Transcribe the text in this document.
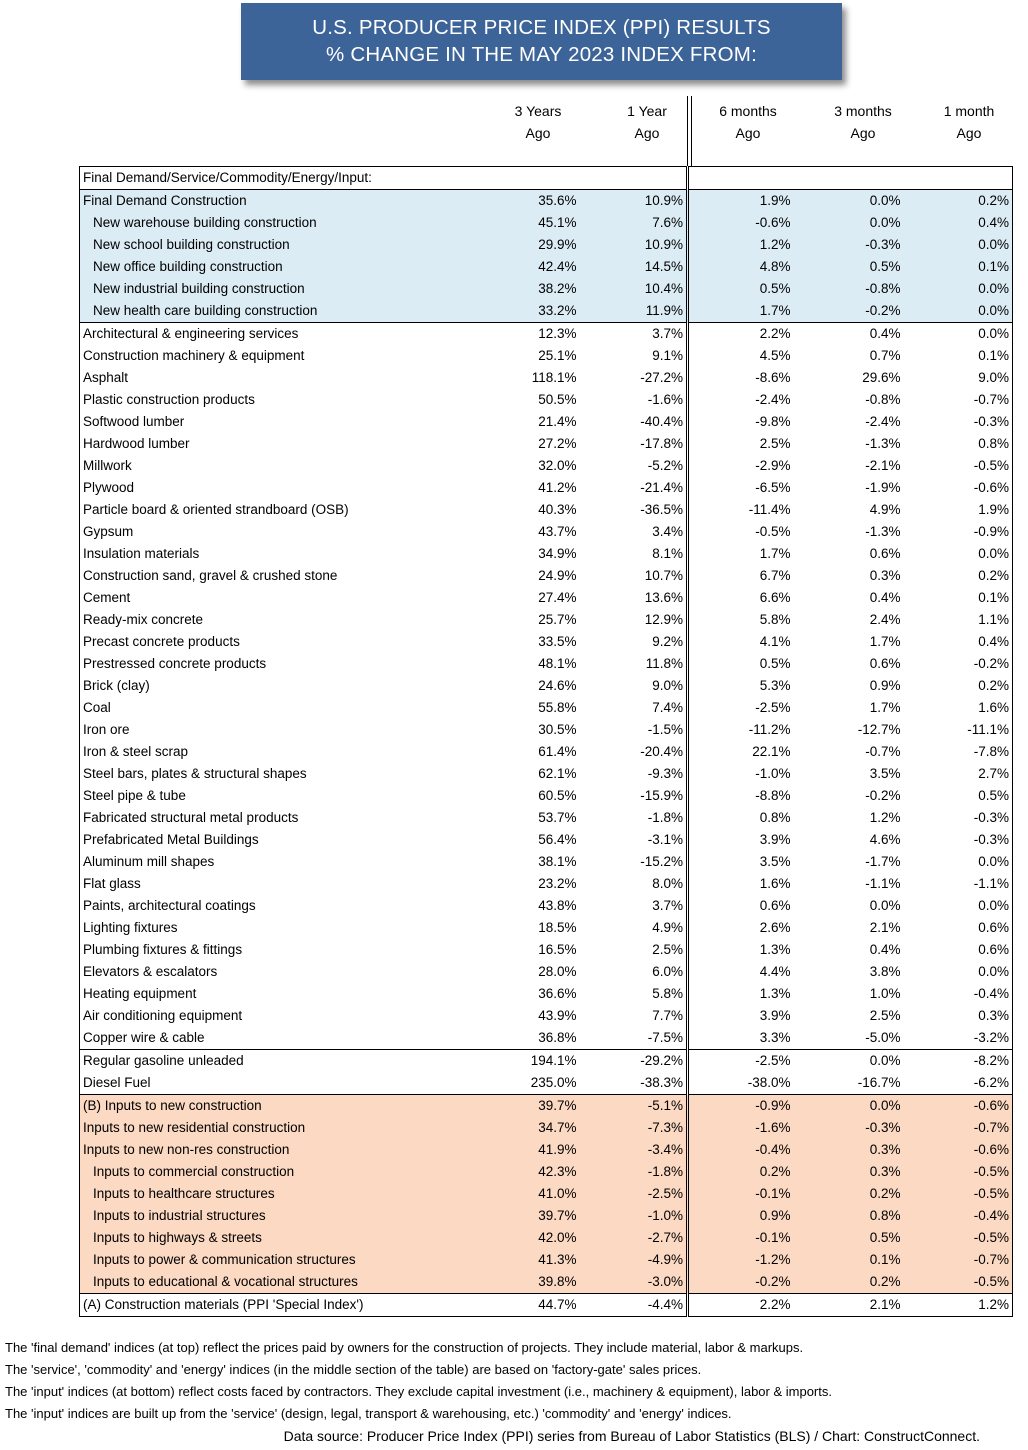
U.S. PRODUCER PRICE INDEX (PPI) RESULTS
% CHANGE IN THE MAY 2023 INDEX FROM:
3 Years
Ago
1 Year
Ago
6 months
Ago
3 months
Ago
1 month
Ago
Final Demand/Service/Commodity/Energy/Input:					
Final Demand Construction	35.6%	10.9%	1.9%	0.0%	0.2%
New warehouse building construction	45.1%	7.6%	-0.6%	0.0%	0.4%
New school building construction	29.9%	10.9%	1.2%	-0.3%	0.0%
New office building construction	42.4%	14.5%	4.8%	0.5%	0.1%
New industrial building construction	38.2%	10.4%	0.5%	-0.8%	0.0%
New health care building construction	33.2%	11.9%	1.7%	-0.2%	0.0%
Architectural & engineering services	12.3%	3.7%	2.2%	0.4%	0.0%
Construction machinery & equipment	25.1%	9.1%	4.5%	0.7%	0.1%
Asphalt	118.1%	-27.2%	-8.6%	29.6%	9.0%
Plastic construction products	50.5%	-1.6%	-2.4%	-0.8%	-0.7%
Softwood lumber	21.4%	-40.4%	-9.8%	-2.4%	-0.3%
Hardwood lumber	27.2%	-17.8%	2.5%	-1.3%	0.8%
Millwork	32.0%	-5.2%	-2.9%	-2.1%	-0.5%
Plywood	41.2%	-21.4%	-6.5%	-1.9%	-0.6%
Particle board & oriented strandboard (OSB)	40.3%	-36.5%	-11.4%	4.9%	1.9%
Gypsum	43.7%	3.4%	-0.5%	-1.3%	-0.9%
Insulation materials	34.9%	8.1%	1.7%	0.6%	0.0%
Construction sand, gravel & crushed stone	24.9%	10.7%	6.7%	0.3%	0.2%
Cement	27.4%	13.6%	6.6%	0.4%	0.1%
Ready-mix concrete	25.7%	12.9%	5.8%	2.4%	1.1%
Precast concrete products	33.5%	9.2%	4.1%	1.7%	0.4%
Prestressed concrete products	48.1%	11.8%	0.5%	0.6%	-0.2%
Brick (clay)	24.6%	9.0%	5.3%	0.9%	0.2%
Coal	55.8%	7.4%	-2.5%	1.7%	1.6%
Iron ore	30.5%	-1.5%	-11.2%	-12.7%	-11.1%
Iron & steel scrap	61.4%	-20.4%	22.1%	-0.7%	-7.8%
Steel bars, plates & structural shapes	62.1%	-9.3%	-1.0%	3.5%	2.7%
Steel pipe & tube	60.5%	-15.9%	-8.8%	-0.2%	0.5%
Fabricated structural metal products	53.7%	-1.8%	0.8%	1.2%	-0.3%
Prefabricated Metal Buildings	56.4%	-3.1%	3.9%	4.6%	-0.3%
Aluminum mill shapes	38.1%	-15.2%	3.5%	-1.7%	0.0%
Flat glass	23.2%	8.0%	1.6%	-1.1%	-1.1%
Paints, architectural coatings	43.8%	3.7%	0.6%	0.0%	0.0%
Lighting fixtures	18.5%	4.9%	2.6%	2.1%	0.6%
Plumbing fixtures & fittings	16.5%	2.5%	1.3%	0.4%	0.6%
Elevators & escalators	28.0%	6.0%	4.4%	3.8%	0.0%
Heating equipment	36.6%	5.8%	1.3%	1.0%	-0.4%
Air conditioning equipment	43.9%	7.7%	3.9%	2.5%	0.3%
Copper wire & cable	36.8%	-7.5%	3.3%	-5.0%	-3.2%
Regular gasoline unleaded	194.1%	-29.2%	-2.5%	0.0%	-8.2%
Diesel Fuel	235.0%	-38.3%	-38.0%	-16.7%	-6.2%
(B) Inputs to new construction	39.7%	-5.1%	-0.9%	0.0%	-0.6%
Inputs to new residential construction	34.7%	-7.3%	-1.6%	-0.3%	-0.7%
Inputs to new non-res construction	41.9%	-3.4%	-0.4%	0.3%	-0.6%
Inputs to commercial construction	42.3%	-1.8%	0.2%	0.3%	-0.5%
Inputs to healthcare structures	41.0%	-2.5%	-0.1%	0.2%	-0.5%
Inputs to industrial structures	39.7%	-1.0%	0.9%	0.8%	-0.4%
Inputs to highways & streets	42.0%	-2.7%	-0.1%	0.5%	-0.5%
Inputs to power & communication structures	41.3%	-4.9%	-1.2%	0.1%	-0.7%
Inputs to educational & vocational structures	39.8%	-3.0%	-0.2%	0.2%	-0.5%
(A) Construction materials (PPI 'Special Index')	44.7%	-4.4%	2.2%	2.1%	1.2%
The 'final demand' indices (at top) reflect the prices paid by owners for the construction of projects. They include material, labor & markups.
The 'service', 'commodity' and 'energy' indices (in the middle section of the table) are based on 'factory-gate' sales prices.
The 'input' indices (at bottom) reflect costs faced by contractors. They exclude capital investment (i.e., machinery & equipment), labor & imports.
The 'input' indices are built up from the 'service' (design, legal, transport & warehousing, etc.) 'commodity' and 'energy' indices.
Data source: Producer Price Index (PPI) series from Bureau of Labor Statistics (BLS) / Chart: ConstructConnect.
